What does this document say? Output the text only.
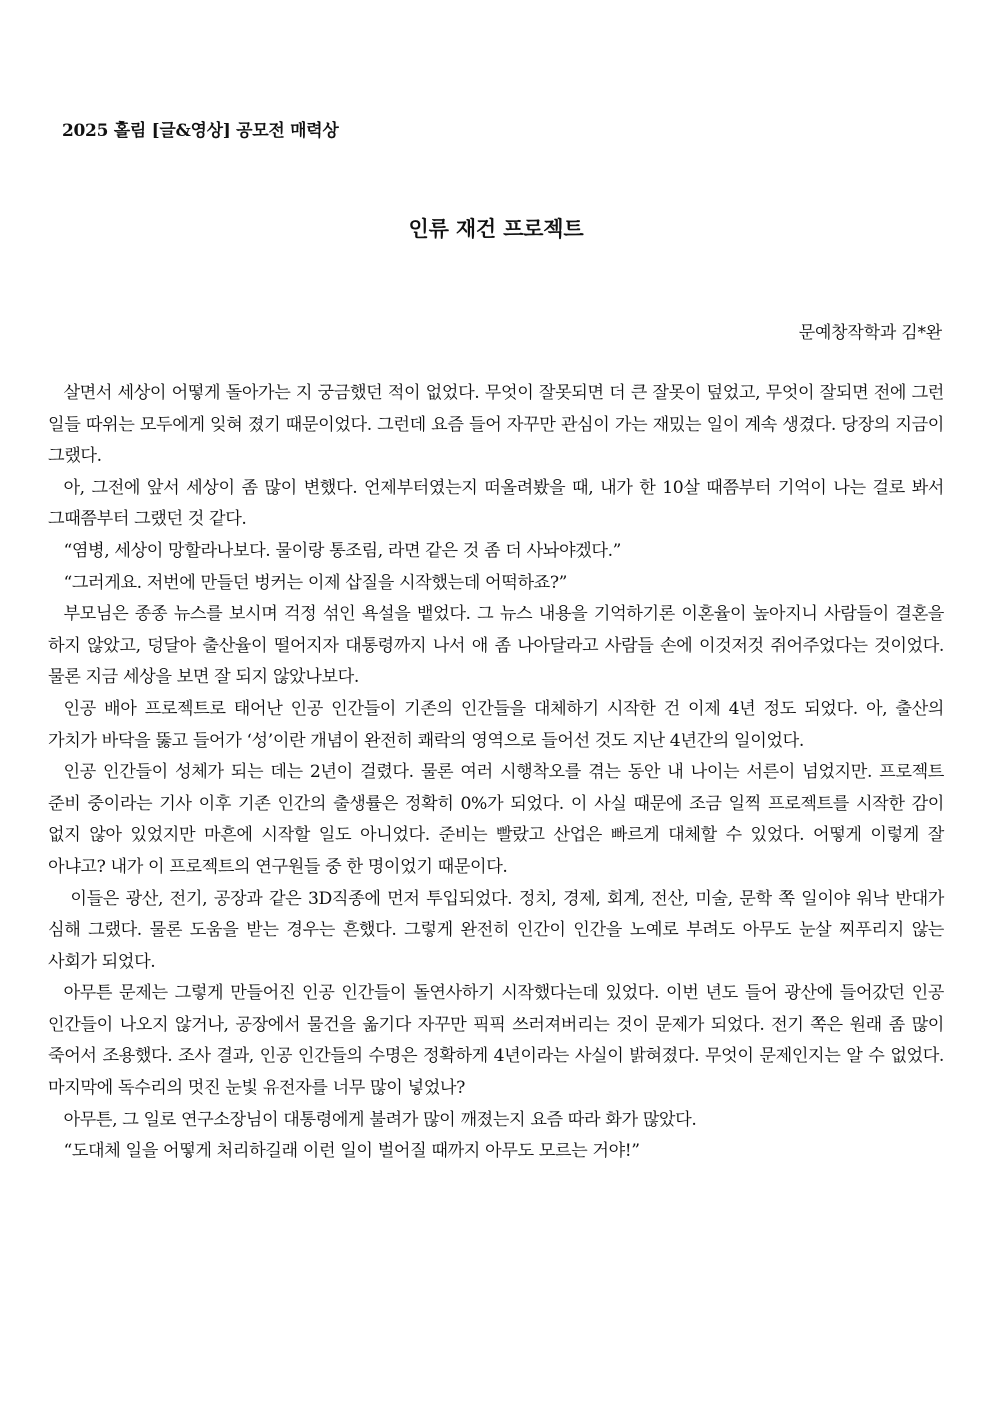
2025 홀림 [글&영상] 공모전 매력상
인류 재건 프로젝트
문예창작학과 김*완

살면서 세상이 어떻게 돌아가는 지 궁금했던 적이 없었다. 무엇이 잘못되면 더 큰 잘못이 덮었고, 무엇이 잘되면 전에 그런 일들 따위는 모두에게 잊혀 졌기 때문이었다. 그런데 요즘 들어 자꾸만 관심이 가는 재밌는 일이 계속 생겼다. 당장의 지금이 그랬다.

아, 그전에 앞서 세상이 좀 많이 변했다. 언제부터였는지 떠올려봤을 때, 내가 한 10살 때쯤부터 기억이 나는 걸로 봐서 그때쯤부터 그랬던 것 같다.

“염병, 세상이 망할라나보다. 물이랑 통조림, 라면 같은 것 좀 더 사놔야겠다.”

“그러게요. 저번에 만들던 벙커는 이제 삽질을 시작했는데 어떡하죠?”

부모님은 종종 뉴스를 보시며 걱정 섞인 욕설을 뱉었다. 그 뉴스 내용을 기억하기론 이혼율이 높아지니 사람들이 결혼을 하지 않았고, 덩달아 출산율이 떨어지자 대통령까지 나서 애 좀 나아달라고 사람들 손에 이것저것 쥐어주었다는 것이었다. 물론 지금 세상을 보면 잘 되지 않았나보다.

인공 배아 프로젝트로 태어난 인공 인간들이 기존의 인간들을 대체하기 시작한 건 이제 4년 정도 되었다. 아, 출산의 가치가 바닥을 뚫고 들어가 ‘성’이란 개념이 완전히 쾌락의 영역으로 들어선 것도 지난 4년간의 일이었다.

인공 인간들이 성체가 되는 데는 2년이 걸렸다. 물론 여러 시행착오를 겪는 동안 내 나이는 서른이 넘었지만. 프로젝트 준비 중이라는 기사 이후 기존 인간의 출생률은 정확히 0%가 되었다. 이 사실 때문에 조금 일찍 프로젝트를 시작한 감이 없지 않아 있었지만 마흔에 시작할 일도 아니었다. 준비는 빨랐고 산업은 빠르게 대체할 수 있었다. 어떻게 이렇게 잘 아냐고? 내가 이 프로젝트의 연구원들 중 한 명이었기 때문이다.

이들은 광산, 전기, 공장과 같은 3D직종에 먼저 투입되었다. 정치, 경제, 회계, 전산, 미술, 문학 쪽 일이야 워낙 반대가 심해 그랬다. 물론 도움을 받는 경우는 흔했다. 그렇게 완전히 인간이 인간을 노예로 부려도 아무도 눈살 찌푸리지 않는 사회가 되었다.

아무튼 문제는 그렇게 만들어진 인공 인간들이 돌연사하기 시작했다는데 있었다. 이번 년도 들어 광산에 들어갔던 인공 인간들이 나오지 않거나, 공장에서 물건을 옮기다 자꾸만 픽픽 쓰러져버리는 것이 문제가 되었다. 전기 쪽은 원래 좀 많이 죽어서 조용했다. 조사 결과, 인공 인간들의 수명은 정확하게 4년이라는 사실이 밝혀졌다. 무엇이 문제인지는 알 수 없었다. 마지막에 독수리의 멋진 눈빛 유전자를 너무 많이 넣었나?

아무튼, 그 일로 연구소장님이 대통령에게 불려가 많이 깨졌는지 요즘 따라 화가 많았다.

“도대체 일을 어떻게 처리하길래 이런 일이 벌어질 때까지 아무도 모르는 거야!”
